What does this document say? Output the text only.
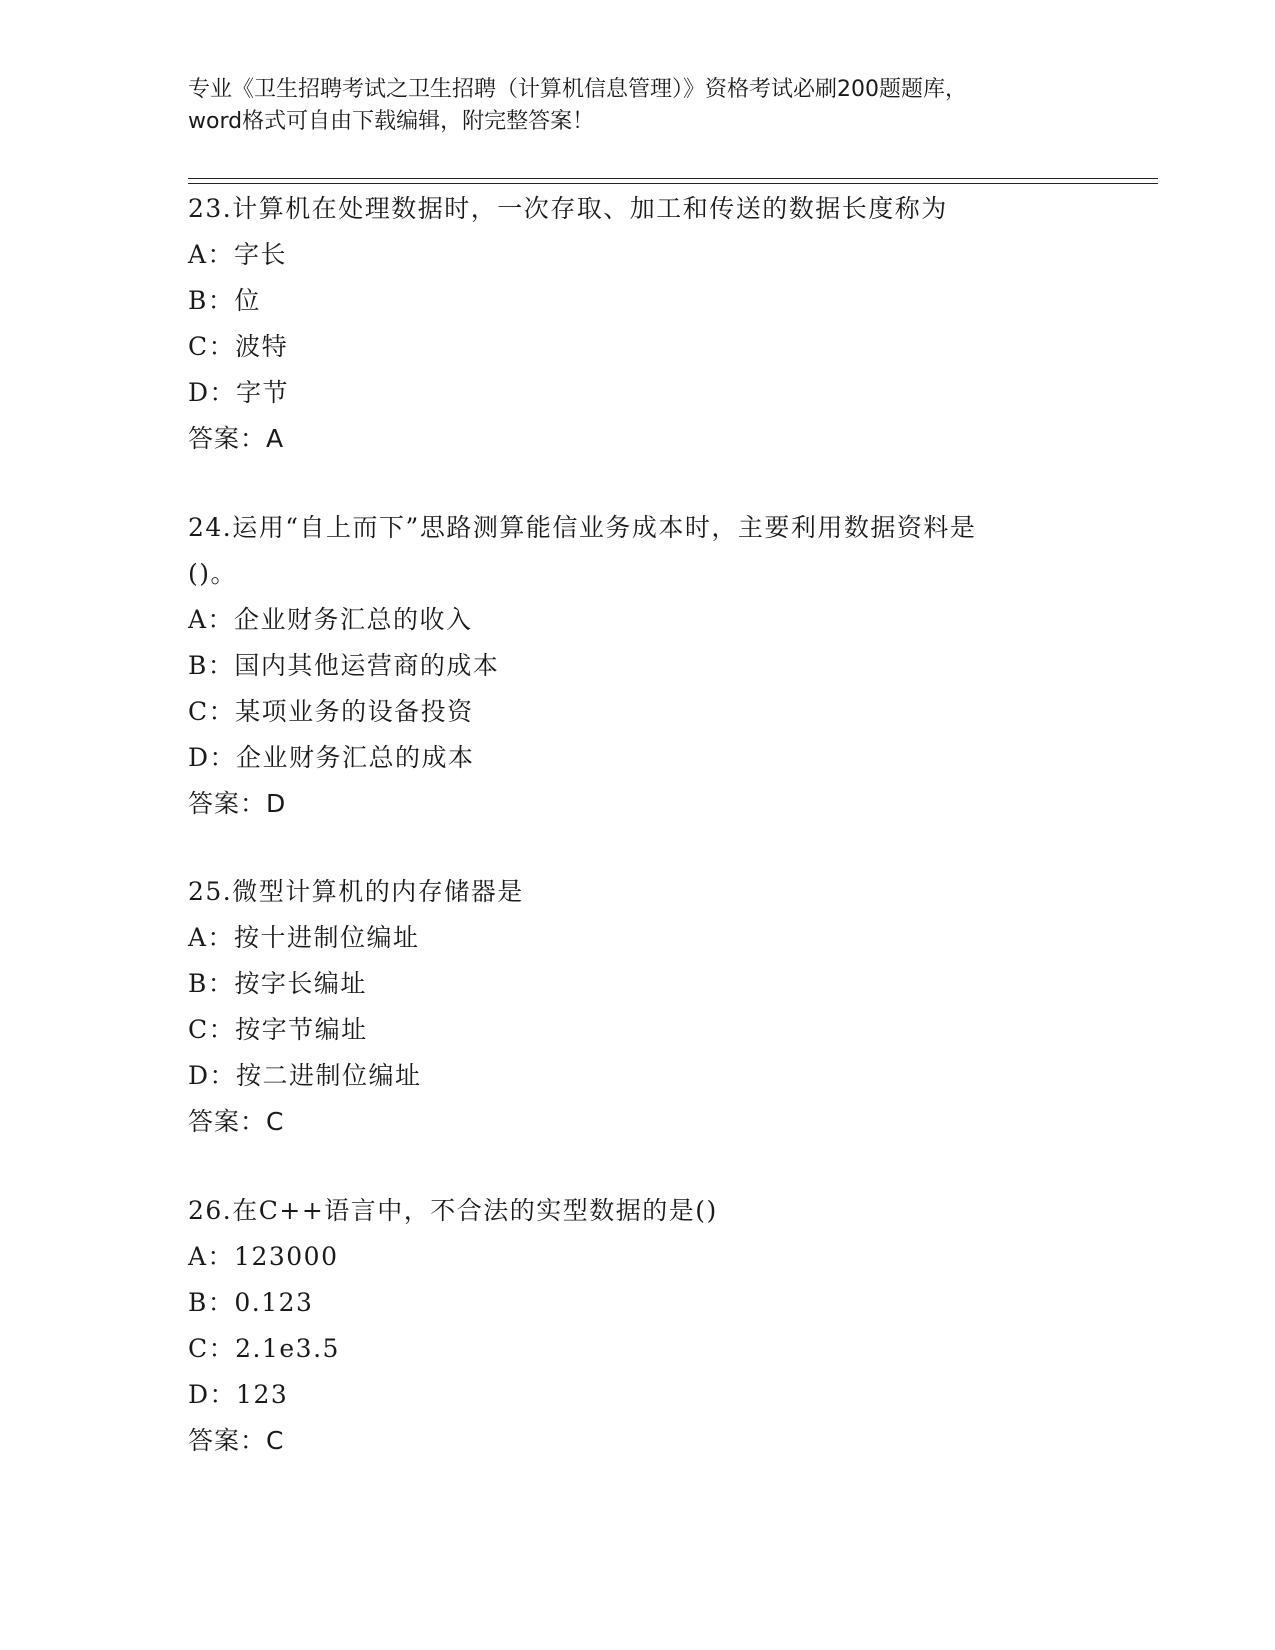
专业《卫生招聘考试之卫生招聘（计算机信息管理）》资格考试必刷200题题库，
word格式可自由下载编辑，附完整答案！
23.计算机在处理数据时，一次存取、加工和传送的数据长度称为
A：字长
B：位
C：波特
D：字节
答案：A
24.运用“自上而下”思路测算能信业务成本时，主要利用数据资料是
()。
A：企业财务汇总的收入
B：国内其他运营商的成本
C：某项业务的设备投资
D：企业财务汇总的成本
答案：D
25.微型计算机的内存储器是
A：按十进制位编址
B：按字长编址
C：按字节编址
D：按二进制位编址
答案：C
26.在C++语言中，不合法的实型数据的是()
A：123000
B：0.123
C：2.1e3.5
D：123
答案：C
